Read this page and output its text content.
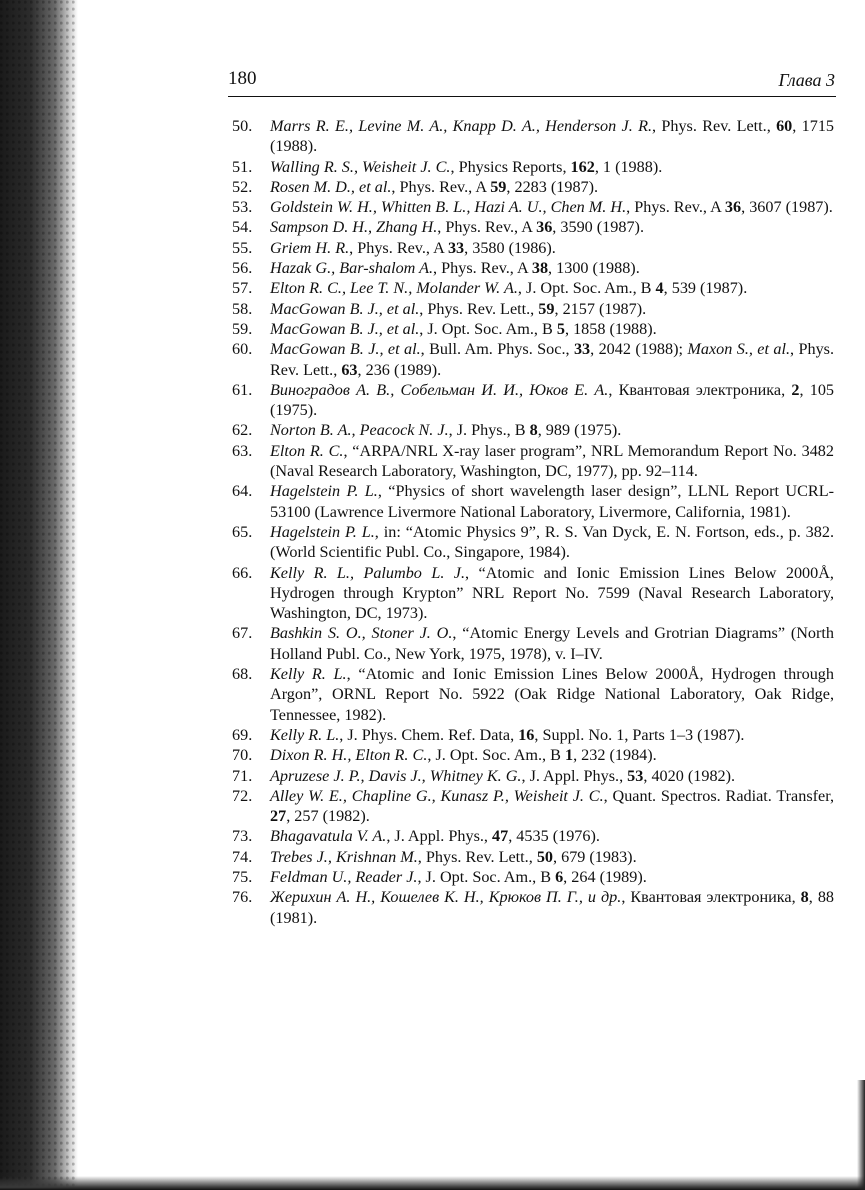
180	Глава 3
50.	Marrs R. E., Levine M. A., Knapp D. A., Henderson J. R., Phys. Rev. Lett., 60, 1715 (1988).
51.	Walling R. S., Weisheit J. C., Physics Reports, 162, 1 (1988).
52.	Rosen M. D., et al., Phys. Rev., A 59, 2283 (1987).
53.	Goldstein W. H., Whitten B. L., Hazi A. U., Chen M. H., Phys. Rev., A 36, 3607 (1987).
54.	Sampson D. H., Zhang H., Phys. Rev., A 36, 3590 (1987).
55.	Griem H. R., Phys. Rev., A 33, 3580 (1986).
56.	Hazak G., Bar-shalom A., Phys. Rev., A 38, 1300 (1988).
57.	Elton R. C., Lee T. N., Molander W. A., J. Opt. Soc. Am., B 4, 539 (1987).
58.	MacGowan B. J., et al., Phys. Rev. Lett., 59, 2157 (1987).
59.	MacGowan B. J., et al., J. Opt. Soc. Am., B 5, 1858 (1988).
60.	MacGowan B. J., et al., Bull. Am. Phys. Soc., 33, 2042 (1988); Maxon S., et al., Phys. Rev. Lett., 63, 236 (1989).
61.	Виноградов А. В., Собельман И. И., Юков Е. А., Квантовая электроника, 2, 105 (1975).
62.	Norton B. A., Peacock N. J., J. Phys., B 8, 989 (1975).
63.	Elton R. C., “ARPA/NRL X-ray laser program”, NRL Memorandum Report No. 3482 (Naval Research Laboratory, Washington, DC, 1977), pp. 92–114.
64.	Hagelstein P. L., “Physics of short wavelength laser design”, LLNL Report UCRL-53100 (Lawrence Livermore National Laboratory, Livermore, California, 1981).
65.	Hagelstein P. L., in: “Atomic Physics 9”, R. S. Van Dyck, E. N. Fortson, eds., p. 382. (World Scientific Publ. Co., Singapore, 1984).
66.	Kelly R. L., Palumbo L. J., “Atomic and Ionic Emission Lines Below 2000Å, Hydrogen through Krypton” NRL Report No. 7599 (Naval Research Laboratory, Washington, DC, 1973).
67.	Bashkin S. O., Stoner J. O., “Atomic Energy Levels and Grotrian Diagrams” (North Holland Publ. Co., New York, 1975, 1978), v. I–IV.
68.	Kelly R. L., “Atomic and Ionic Emission Lines Below 2000Å, Hydrogen through Argon”, ORNL Report No. 5922 (Oak Ridge National Laboratory, Oak Ridge, Tennessee, 1982).
69.	Kelly R. L., J. Phys. Chem. Ref. Data, 16, Suppl. No. 1, Parts 1–3 (1987).
70.	Dixon R. H., Elton R. C., J. Opt. Soc. Am., B 1, 232 (1984).
71.	Apruzese J. P., Davis J., Whitney K. G., J. Appl. Phys., 53, 4020 (1982).
72.	Alley W. E., Chapline G., Kunasz P., Weisheit J. C., Quant. Spectros. Radiat. Transfer, 27, 257 (1982).
73.	Bhagavatula V. A., J. Appl. Phys., 47, 4535 (1976).
74.	Trebes J., Krishnan M., Phys. Rev. Lett., 50, 679 (1983).
75.	Feldman U., Reader J., J. Opt. Soc. Am., B 6, 264 (1989).
76.	Жерихин А. Н., Кошелев К. Н., Крюков П. Г., и др., Квантовая электроника, 8, 88 (1981).
